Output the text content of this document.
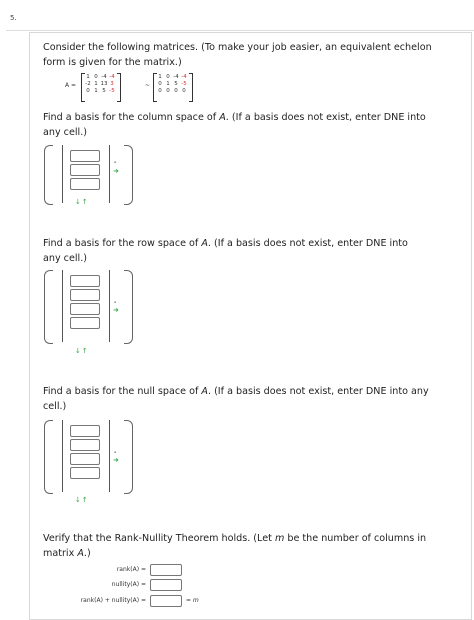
5.
Consider the following matrices. (To make your job easier, an equivalent echelon
form is given for the matrix.)
A =
1 0 -4 -4
-2 1 13 3
0 1 5 -5
~
1 0 -4 -4
0 1 5 -5
0 0 0 0
Find a basis for the column space of A. (If a basis does not exist, enter DNE into
any cell.)
▪
➜
↓↑
Find a basis for the row space of A. (If a basis does not exist, enter DNE into
any cell.)
▪
➜
↓↑
Find a basis for the null space of A. (If a basis does not exist, enter DNE into any
cell.)
▪
➜
↓↑
Verify that the Rank-Nullity Theorem holds. (Let m be the number of columns in
matrix A.)
rank(A) =
nullity(A) =
rank(A) + nullity(A) =	= m
